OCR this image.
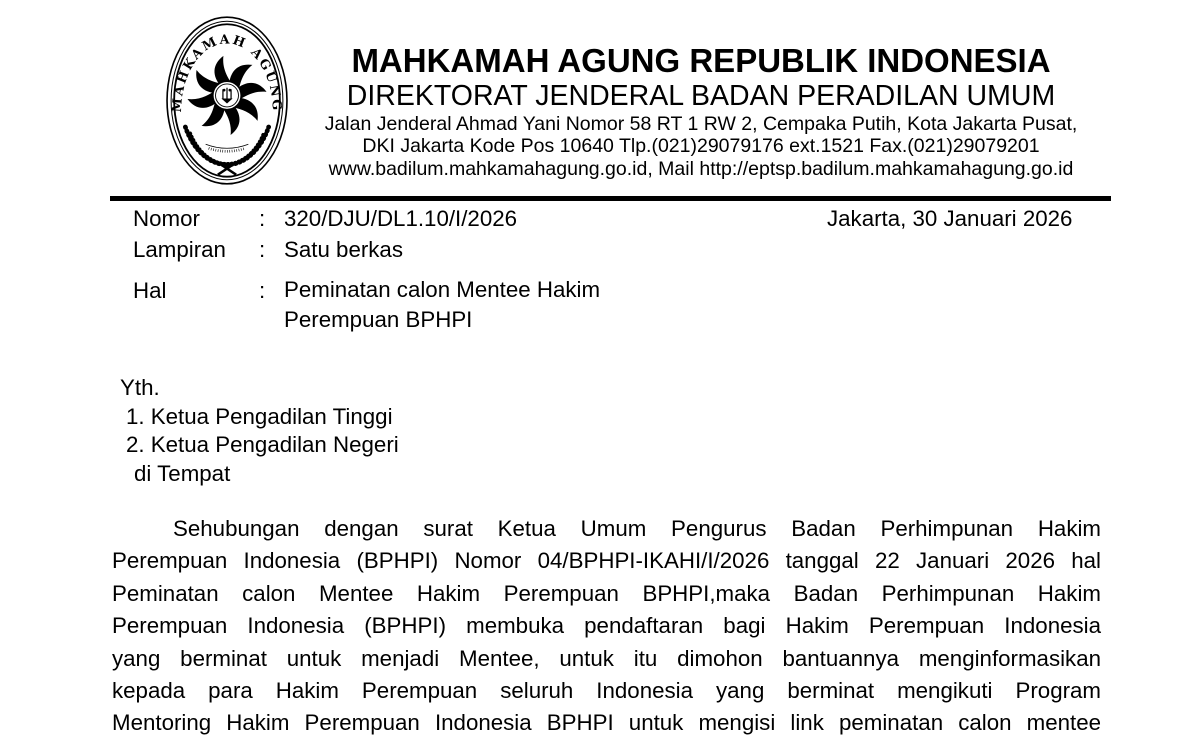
MAHKAMAH AGUNG
MAHKAMAH AGUNG REPUBLIK INDONESIA
DIREKTORAT JENDERAL BADAN PERADILAN UMUM
Jalan Jenderal Ahmad Yani Nomor 58 RT 1 RW 2, Cempaka Putih, Kota Jakarta Pusat,
DKI Jakarta Kode Pos 10640 Tlp.(021)29079176 ext.1521 Fax.(021)29079201
www.badilum.mahkamahagung.go.id, Mail http://eptsp.badilum.mahkamahagung.go.id
Nomor	: 320/DJU/DL1.10/I/2026
Lampiran	: Satu berkas
Hal	: Peminatan calon Mentee Hakim
Perempuan BPHPI
Jakarta, 30 Januari 2026
Yth.
1. Ketua Pengadilan Tinggi
2. Ketua Pengadilan Negeri
di Tempat
Sehubungan dengan surat Ketua Umum Pengurus Badan Perhimpunan Hakim
Perempuan Indonesia (BPHPI) Nomor 04/BPHPI-IKAHI/I/2026 tanggal 22 Januari 2026 hal
Peminatan calon Mentee Hakim Perempuan BPHPI,maka Badan Perhimpunan Hakim
Perempuan Indonesia (BPHPI) membuka pendaftaran bagi Hakim Perempuan Indonesia
yang berminat untuk menjadi Mentee, untuk itu dimohon bantuannya menginformasikan
kepada para Hakim Perempuan seluruh Indonesia yang berminat mengikuti Program
Mentoring Hakim Perempuan Indonesia BPHPI untuk mengisi link peminatan calon mentee
